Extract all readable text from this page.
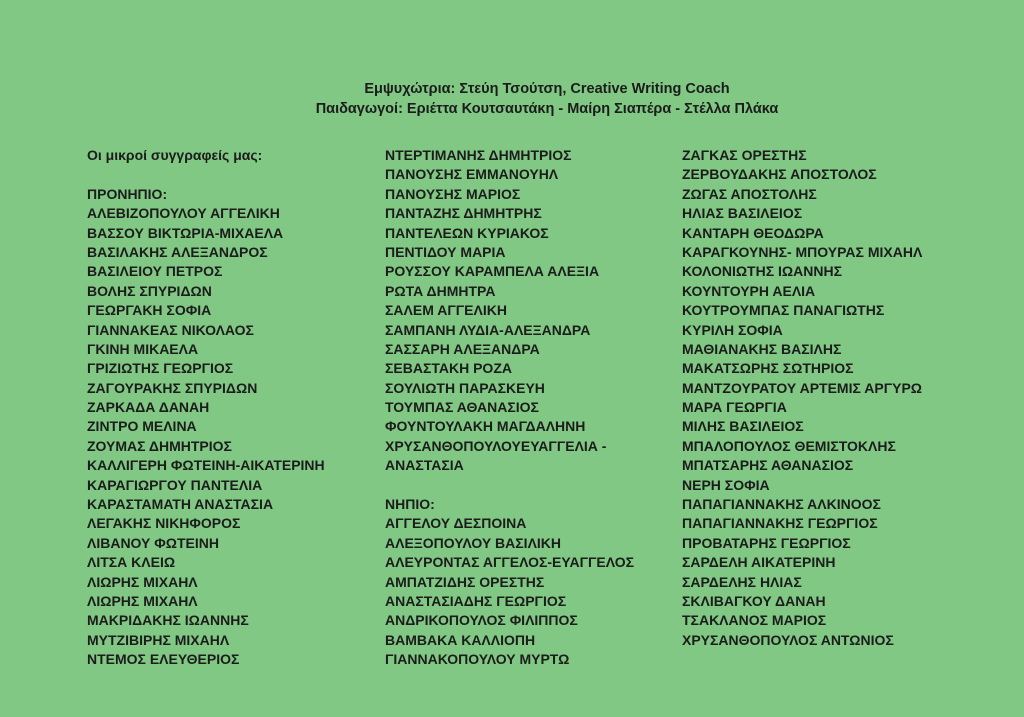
Εμψυχώτρια: Στεύη Τσούτση, Creative Writing Coach
Παιδαγωγοί: Εριέττα Κουτσαυτάκη - Μαίρη Σιαπέρα - Στέλλα Πλάκα
Οι μικροί συγγραφείς μας:
ΠΡΟΝΗΠΙΟ:
ΑΛΕΒΙΖΟΠΟΥΛΟΥ ΑΓΓΕΛΙΚΗ
ΒΑΣΣΟΥ ΒΙΚΤΩΡΙΑ-ΜΙΧΑΕΛΑ
ΒΑΣΙΛΑΚΗΣ ΑΛΕΞΑΝΔΡΟΣ
ΒΑΣΙΛΕΙΟΥ ΠΕΤΡΟΣ
ΒΟΛΗΣ ΣΠΥΡΙΔΩΝ
ΓΕΩΡΓΑΚΗ ΣΟΦΙΑ
ΓΙΑΝΝΑΚΕΑΣ ΝΙΚΟΛΑΟΣ
ΓΚΙΝΗ ΜΙΚΑΕΛΑ
ΓΡΙΖΙΩΤΗΣ ΓΕΩΡΓΙΟΣ
ΖΑΓΟΥΡΑΚΗΣ ΣΠΥΡΙΔΩΝ
ΖΑΡΚΑΔΑ ΔΑΝΑΗ
ΖΙΝΤΡΟ ΜΕΛΙΝΑ
ΖΟΥΜΑΣ ΔΗΜΗΤΡΙΟΣ
ΚΑΛΛΙΓΕΡΗ ΦΩΤΕΙΝΗ-ΑΙΚΑΤΕΡΙΝΗ
ΚΑΡΑΓΙΩΡΓΟΥ ΠΑΝΤΕΛΙΑ
ΚΑΡΑΣΤΑΜΑΤΗ ΑΝΑΣΤΑΣΙΑ
ΛΕΓΑΚΗΣ ΝΙΚΗΦΟΡΟΣ
ΛΙΒΑΝΟΥ ΦΩΤΕΙΝΗ
ΛΙΤΣΑ ΚΛΕΙΩ
ΛΙΩΡΗΣ ΜΙΧΑΗΛ
ΛΙΩΡΗΣ ΜΙΧΑΗΛ
ΜΑΚΡΙΔΑΚΗΣ ΙΩΑΝΝΗΣ
ΜΥΤΖΙΒΙΡΗΣ ΜΙΧΑΗΛ
ΝΤΕΜΟΣ ΕΛΕΥΘΕΡΙΟΣ
ΝΤΕΡΤΙΜΑΝΗΣ ΔΗΜΗΤΡΙΟΣ
ΠΑΝΟΥΣΗΣ ΕΜΜΑΝΟΥΗΛ
ΠΑΝΟΥΣΗΣ ΜΑΡΙΟΣ
ΠΑΝΤΑΖΗΣ ΔΗΜΗΤΡΗΣ
ΠΑΝΤΕΛΕΩΝ ΚΥΡΙΑΚΟΣ
ΠΕΝΤΙΔΟΥ ΜΑΡΙΑ
ΡΟΥΣΣΟΥ ΚΑΡΑΜΠΕΛΑ ΑΛΕΞΙΑ
ΡΩΤΑ ΔΗΜΗΤΡΑ
ΣΑΛΕΜ ΑΓΓΕΛΙΚΗ
ΣΑΜΠΑΝΗ ΛΥΔΙΑ-ΑΛΕΞΑΝΔΡΑ
ΣΑΣΣΑΡΗ ΑΛΕΞΑΝΔΡΑ
ΣΕΒΑΣΤΑΚΗ ΡΟΖΑ
ΣΟΥΛΙΩΤΗ ΠΑΡΑΣΚΕΥΗ
ΤΟΥΜΠΑΣ ΑΘΑΝΑΣΙΟΣ
ΦΟΥΝΤΟΥΛΑΚΗ ΜΑΓΔΑΛΗΝΗ
ΧΡΥΣΑΝΘΟΠΟΥΛΟΥΕΥΑΓΓΕΛΙΑ -
ΑΝΑΣΤΑΣΙΑ
ΝΗΠΙΟ:
ΑΓΓΕΛΟΥ ΔΕΣΠΟΙΝΑ
ΑΛΕΞΟΠΟΥΛΟΥ ΒΑΣΙΛΙΚΗ
ΑΛΕΥΡΟΝΤΑΣ ΑΓΓΕΛΟΣ-ΕΥΑΓΓΕΛΟΣ
ΑΜΠΑΤΖΙΔΗΣ ΟΡΕΣΤΗΣ
ΑΝΑΣΤΑΣΙΑΔΗΣ ΓΕΩΡΓΙΟΣ
ΑΝΔΡΙΚΟΠΟΥΛΟΣ ΦΙΛΙΠΠΟΣ
ΒΑΜΒΑΚΑ ΚΑΛΛΙΟΠΗ
ΓΙΑΝΝΑΚΟΠΟΥΛΟΥ ΜΥΡΤΩ
ΖΑΓΚΑΣ ΟΡΕΣΤΗΣ
ΖΕΡΒΟΥΔΑΚΗΣ ΑΠΟΣΤΟΛΟΣ
ΖΩΓΑΣ ΑΠΟΣΤΟΛΗΣ
ΗΛΙΑΣ ΒΑΣΙΛΕΙΟΣ
ΚΑΝΤΑΡΗ ΘΕΟΔΩΡΑ
ΚΑΡΑΓΚΟΥΝΗΣ- ΜΠΟΥΡΑΣ ΜΙΧΑΗΛ
ΚΟΛΟΝΙΩΤΗΣ ΙΩΑΝΝΗΣ
ΚΟΥΝΤΟΥΡΗ ΑΕΛΙΑ
ΚΟΥΤΡΟΥΜΠΑΣ ΠΑΝΑΓΙΩΤΗΣ
ΚΥΡΙΛΗ ΣΟΦΙΑ
ΜΑΘΙΑΝΑΚΗΣ ΒΑΣΙΛΗΣ
ΜΑΚΑΤΣΩΡΗΣ ΣΩΤΗΡΙΟΣ
ΜΑΝΤΖΟΥΡΑΤΟΥ ΑΡΤΕΜΙΣ ΑΡΓΥΡΩ
ΜΑΡΑ ΓΕΩΡΓΙΑ
ΜΙΛΗΣ ΒΑΣΙΛΕΙΟΣ
ΜΠΑΛΟΠΟΥΛΟΣ ΘΕΜΙΣΤΟΚΛΗΣ
ΜΠΑΤΣΑΡΗΣ ΑΘΑΝΑΣΙΟΣ
ΝΕΡΗ ΣΟΦΙΑ
ΠΑΠΑΓΙΑΝΝΑΚΗΣ ΑΛΚΙΝΟΟΣ
ΠΑΠΑΓΙΑΝΝΑΚΗΣ ΓΕΩΡΓΙΟΣ
ΠΡΟΒΑΤΑΡΗΣ ΓΕΩΡΓΙΟΣ
ΣΑΡΔΕΛΗ ΑΙΚΑΤΕΡΙΝΗ
ΣΑΡΔΕΛΗΣ ΗΛΙΑΣ
ΣΚΛΙΒΑΓΚΟΥ ΔΑΝΑΗ
ΤΣΑΚΛΑΝΟΣ ΜΑΡΙΟΣ
ΧΡΥΣΑΝΘΟΠΟΥΛΟΣ ΑΝΤΩΝΙΟΣ
